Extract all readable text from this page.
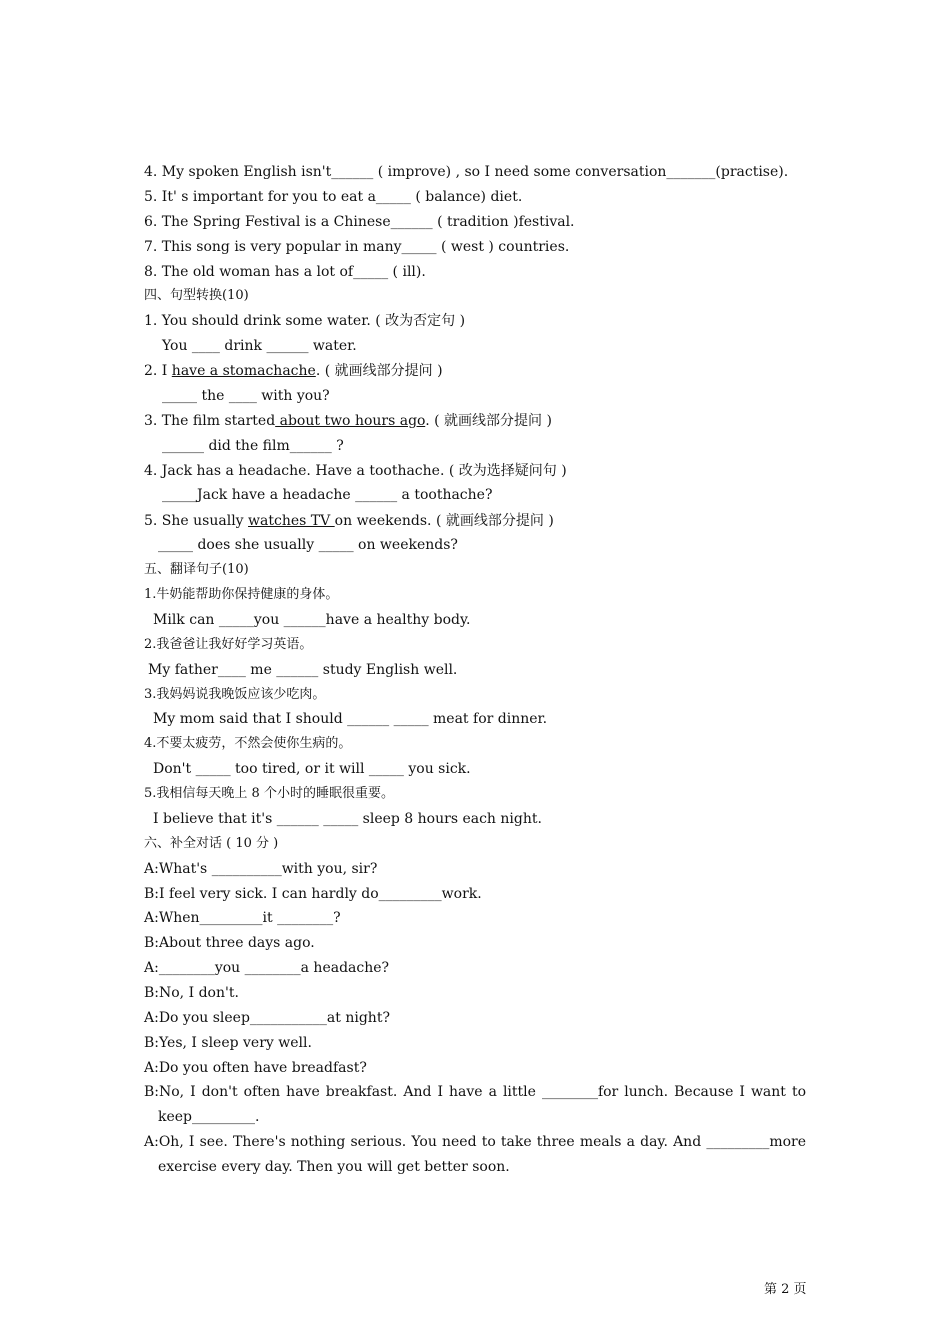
4. My spoken English isn't______ ( improve) , so I need some conversation_______(practise).
5. It' s important for you to eat a_____ ( balance) diet.
6. The Spring Festival is a Chinese______ ( tradition )festival.
7. This song is very popular in many_____ ( west ) countries.
8. The old woman has a lot of_____ ( ill).
四、句型转换(10)
1. You should drink some water. ( 改为否定句 )
You ____ drink ______ water.
2. I have a stomachache. ( 就画线部分提问 )
_____ the ____ with you?
3. The film started about two hours ago. ( 就画线部分提问 )
______ did the film______ ?
4. Jack has a headache. Have a toothache. ( 改为选择疑问句 )
_____Jack have a headache ______ a toothache?
5. She usually watches TV on weekends. ( 就画线部分提问 )
_____ does she usually _____ on weekends?
五、翻译句子(10)
1.牛奶能帮助你保持健康的身体。
Milk can _____you ______have a healthy body.
2.我爸爸让我好好学习英语。
My father____ me ______ study English well.
3.我妈妈说我晚饭应该少吃肉。
My mom said that I should ______ _____ meat for dinner.
4.不要太疲劳，不然会使你生病的。
Don't _____ too tired, or it will _____ you sick.
5.我相信每天晚上 8 个小时的睡眠很重要。
I believe that it's ______ _____ sleep 8 hours each night.
六、补全对话 ( 10 分 )
A:What's __________with you, sir?
B:I feel very sick. I can hardly do_________work.
A:When_________it ________?
B:About three days ago.
A:________you ________a headache?
B:No, I don't.
A:Do you sleep___________at night?
B:Yes, I sleep very well.
A:Do you often have breadfast?
B:No, I don't often have breakfast. And I have a little ________for lunch. Because I want to
keep_________.
A:Oh, I see. There's nothing serious. You need to take three meals a day. And _________more
exercise every day. Then you will get better soon.
第 2 页
